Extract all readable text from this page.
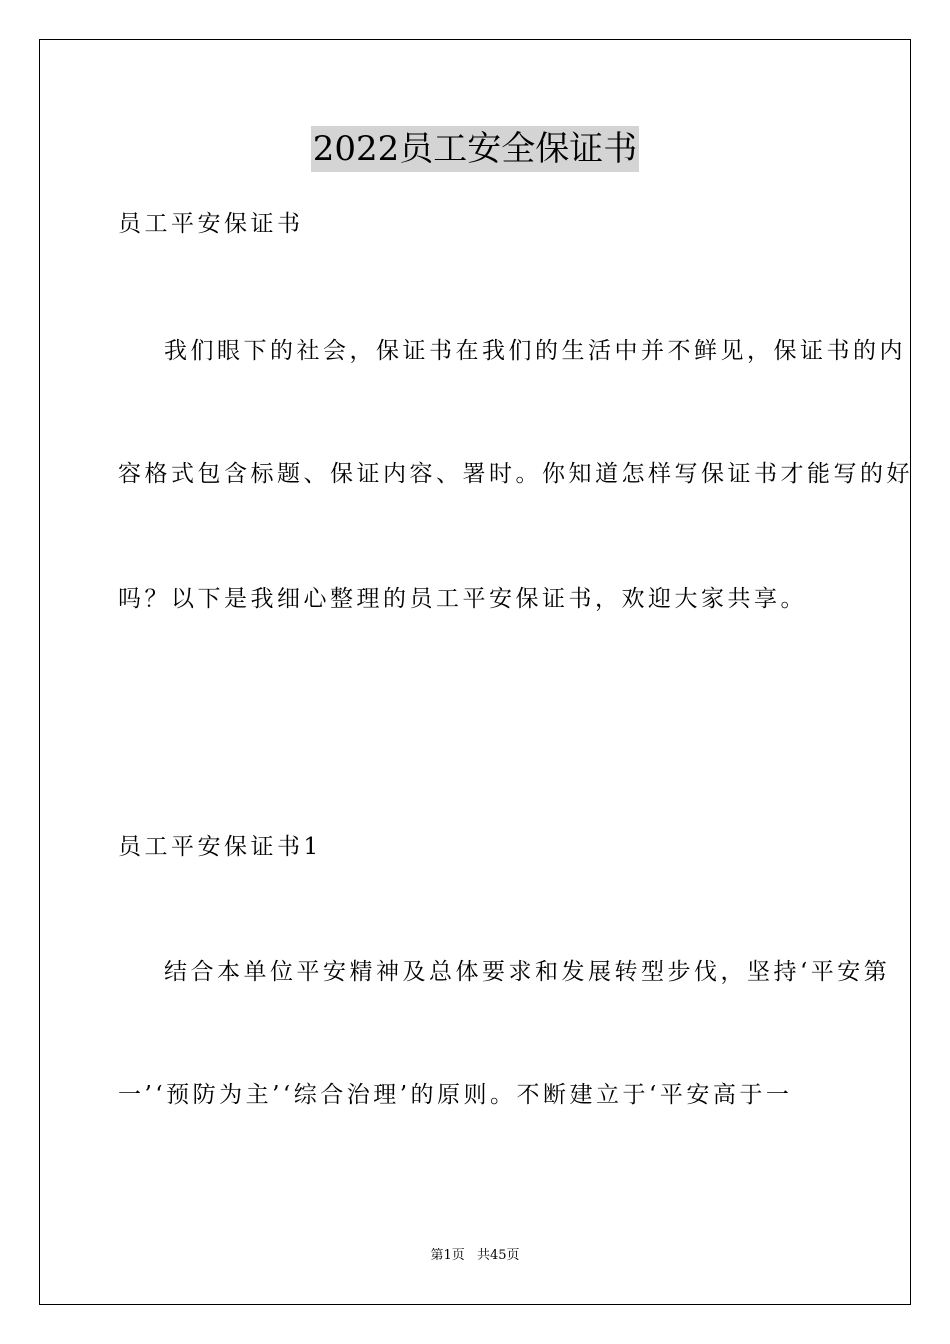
2022员工安全保证书
员工平安保证书
我们眼下的社会，保证书在我们的生活中并不鲜见，保证书的内
容格式包含标题、保证内容、署时。你知道怎样写保证书才能写的好
吗？以下是我细心整理的员工平安保证书，欢迎大家共享。
员工平安保证书1
结合本单位平安精神及总体要求和发展转型步伐，坚持‘平安第
一’‘预防为主’‘综合治理’的原则。不断建立于‘平安高于一
第1页 共45页
